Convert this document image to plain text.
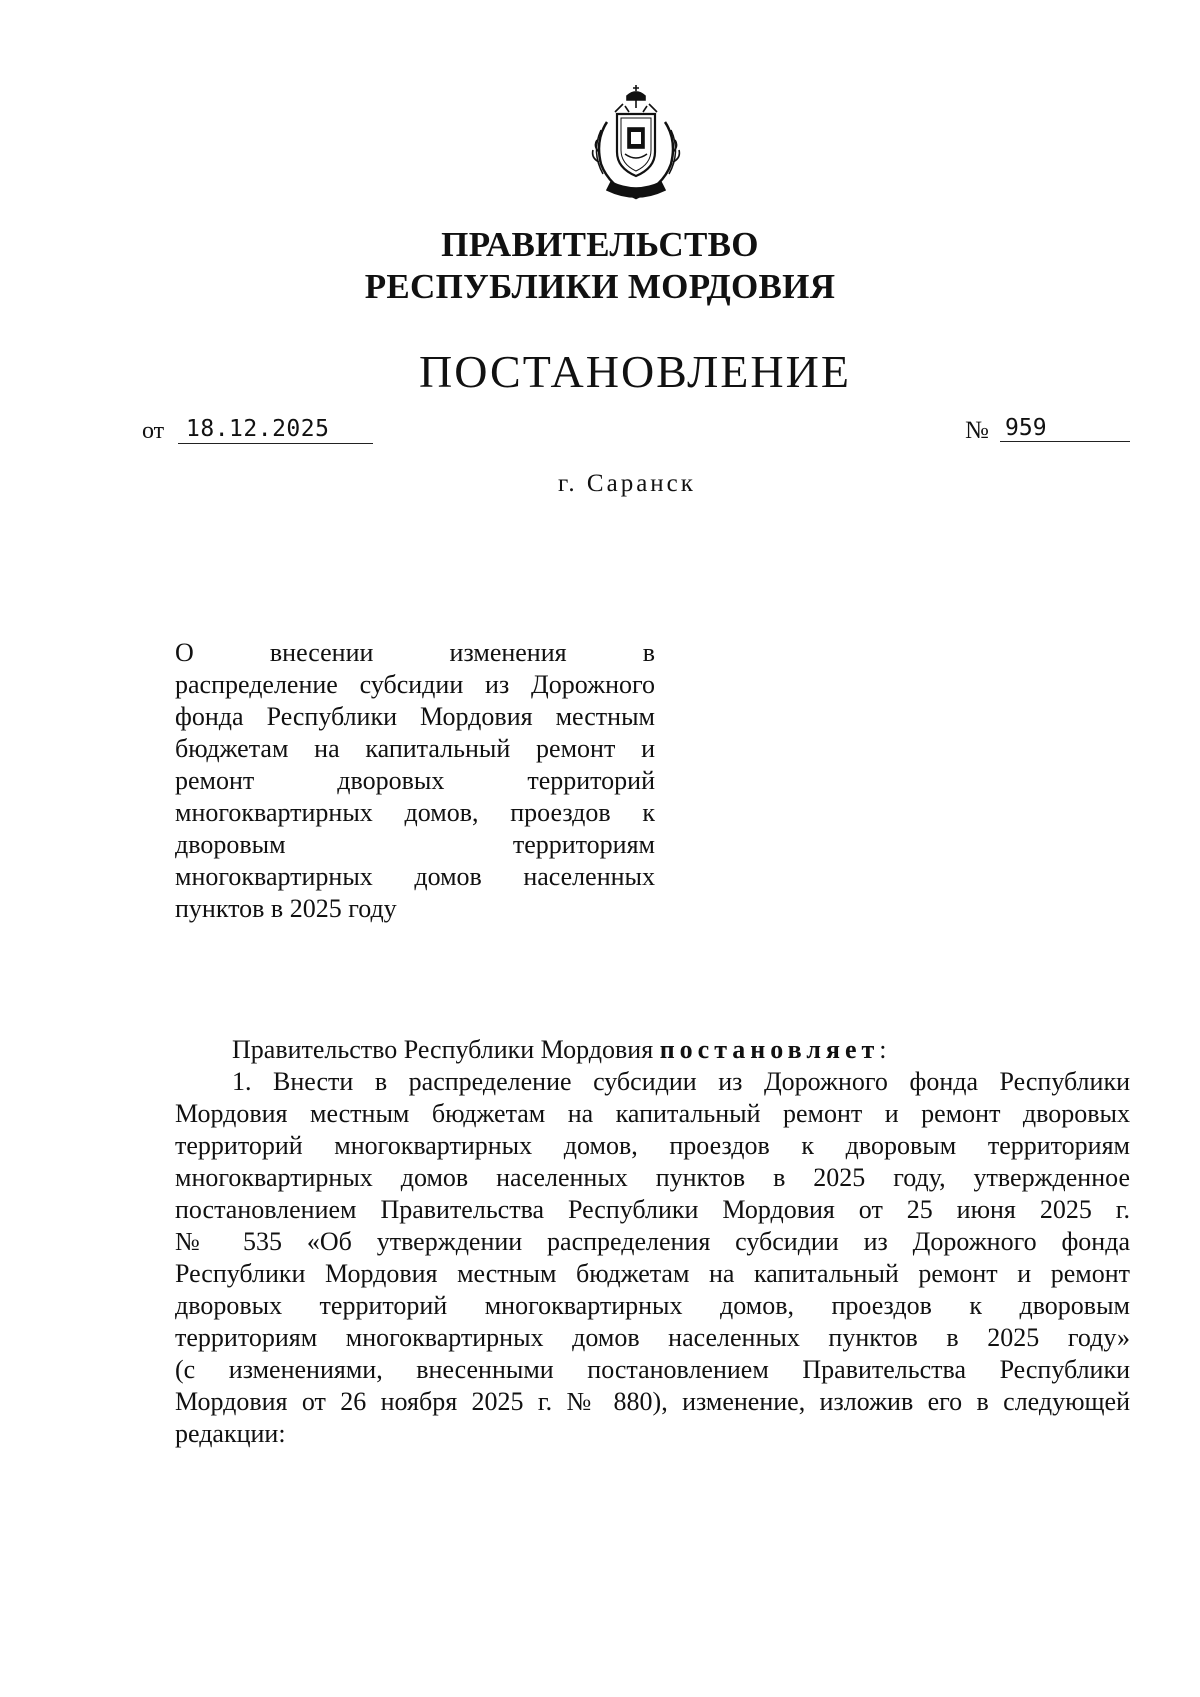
ПРАВИТЕЛЬСТВО
РЕСПУБЛИКИ МОРДОВИЯ
ПОСТАНОВЛЕНИЕ
от 18.12.2025	№ 959
г. Саранск
О внесении изменения в
распределение субсидии из Дорожного
фонда Республики Мордовия местным
бюджетам на капитальный ремонт и
ремонт дворовых территорий
многоквартирных домов, проездов к
дворовым территориям
многоквартирных домов населенных
пунктов в 2025 году
Правительство Республики Мордовия постановляет:
1. Внести в распределение субсидии из Дорожного фонда Республики
Мордовия местным бюджетам на капитальный ремонт и ремонт дворовых
территорий многоквартирных домов, проездов к дворовым территориям
многоквартирных домов населенных пунктов в 2025 году, утвержденное
постановлением Правительства Республики Мордовия от 25 июня 2025 г.
№ 535 «Об утверждении распределения субсидии из Дорожного фонда
Республики Мордовия местным бюджетам на капитальный ремонт и ремонт
дворовых территорий многоквартирных домов, проездов к дворовым
территориям многоквартирных домов населенных пунктов в 2025 году»
(с изменениями, внесенными постановлением Правительства Республики
Мордовия от 26 ноября 2025 г. № 880), изменение, изложив его в следующей
редакции:
